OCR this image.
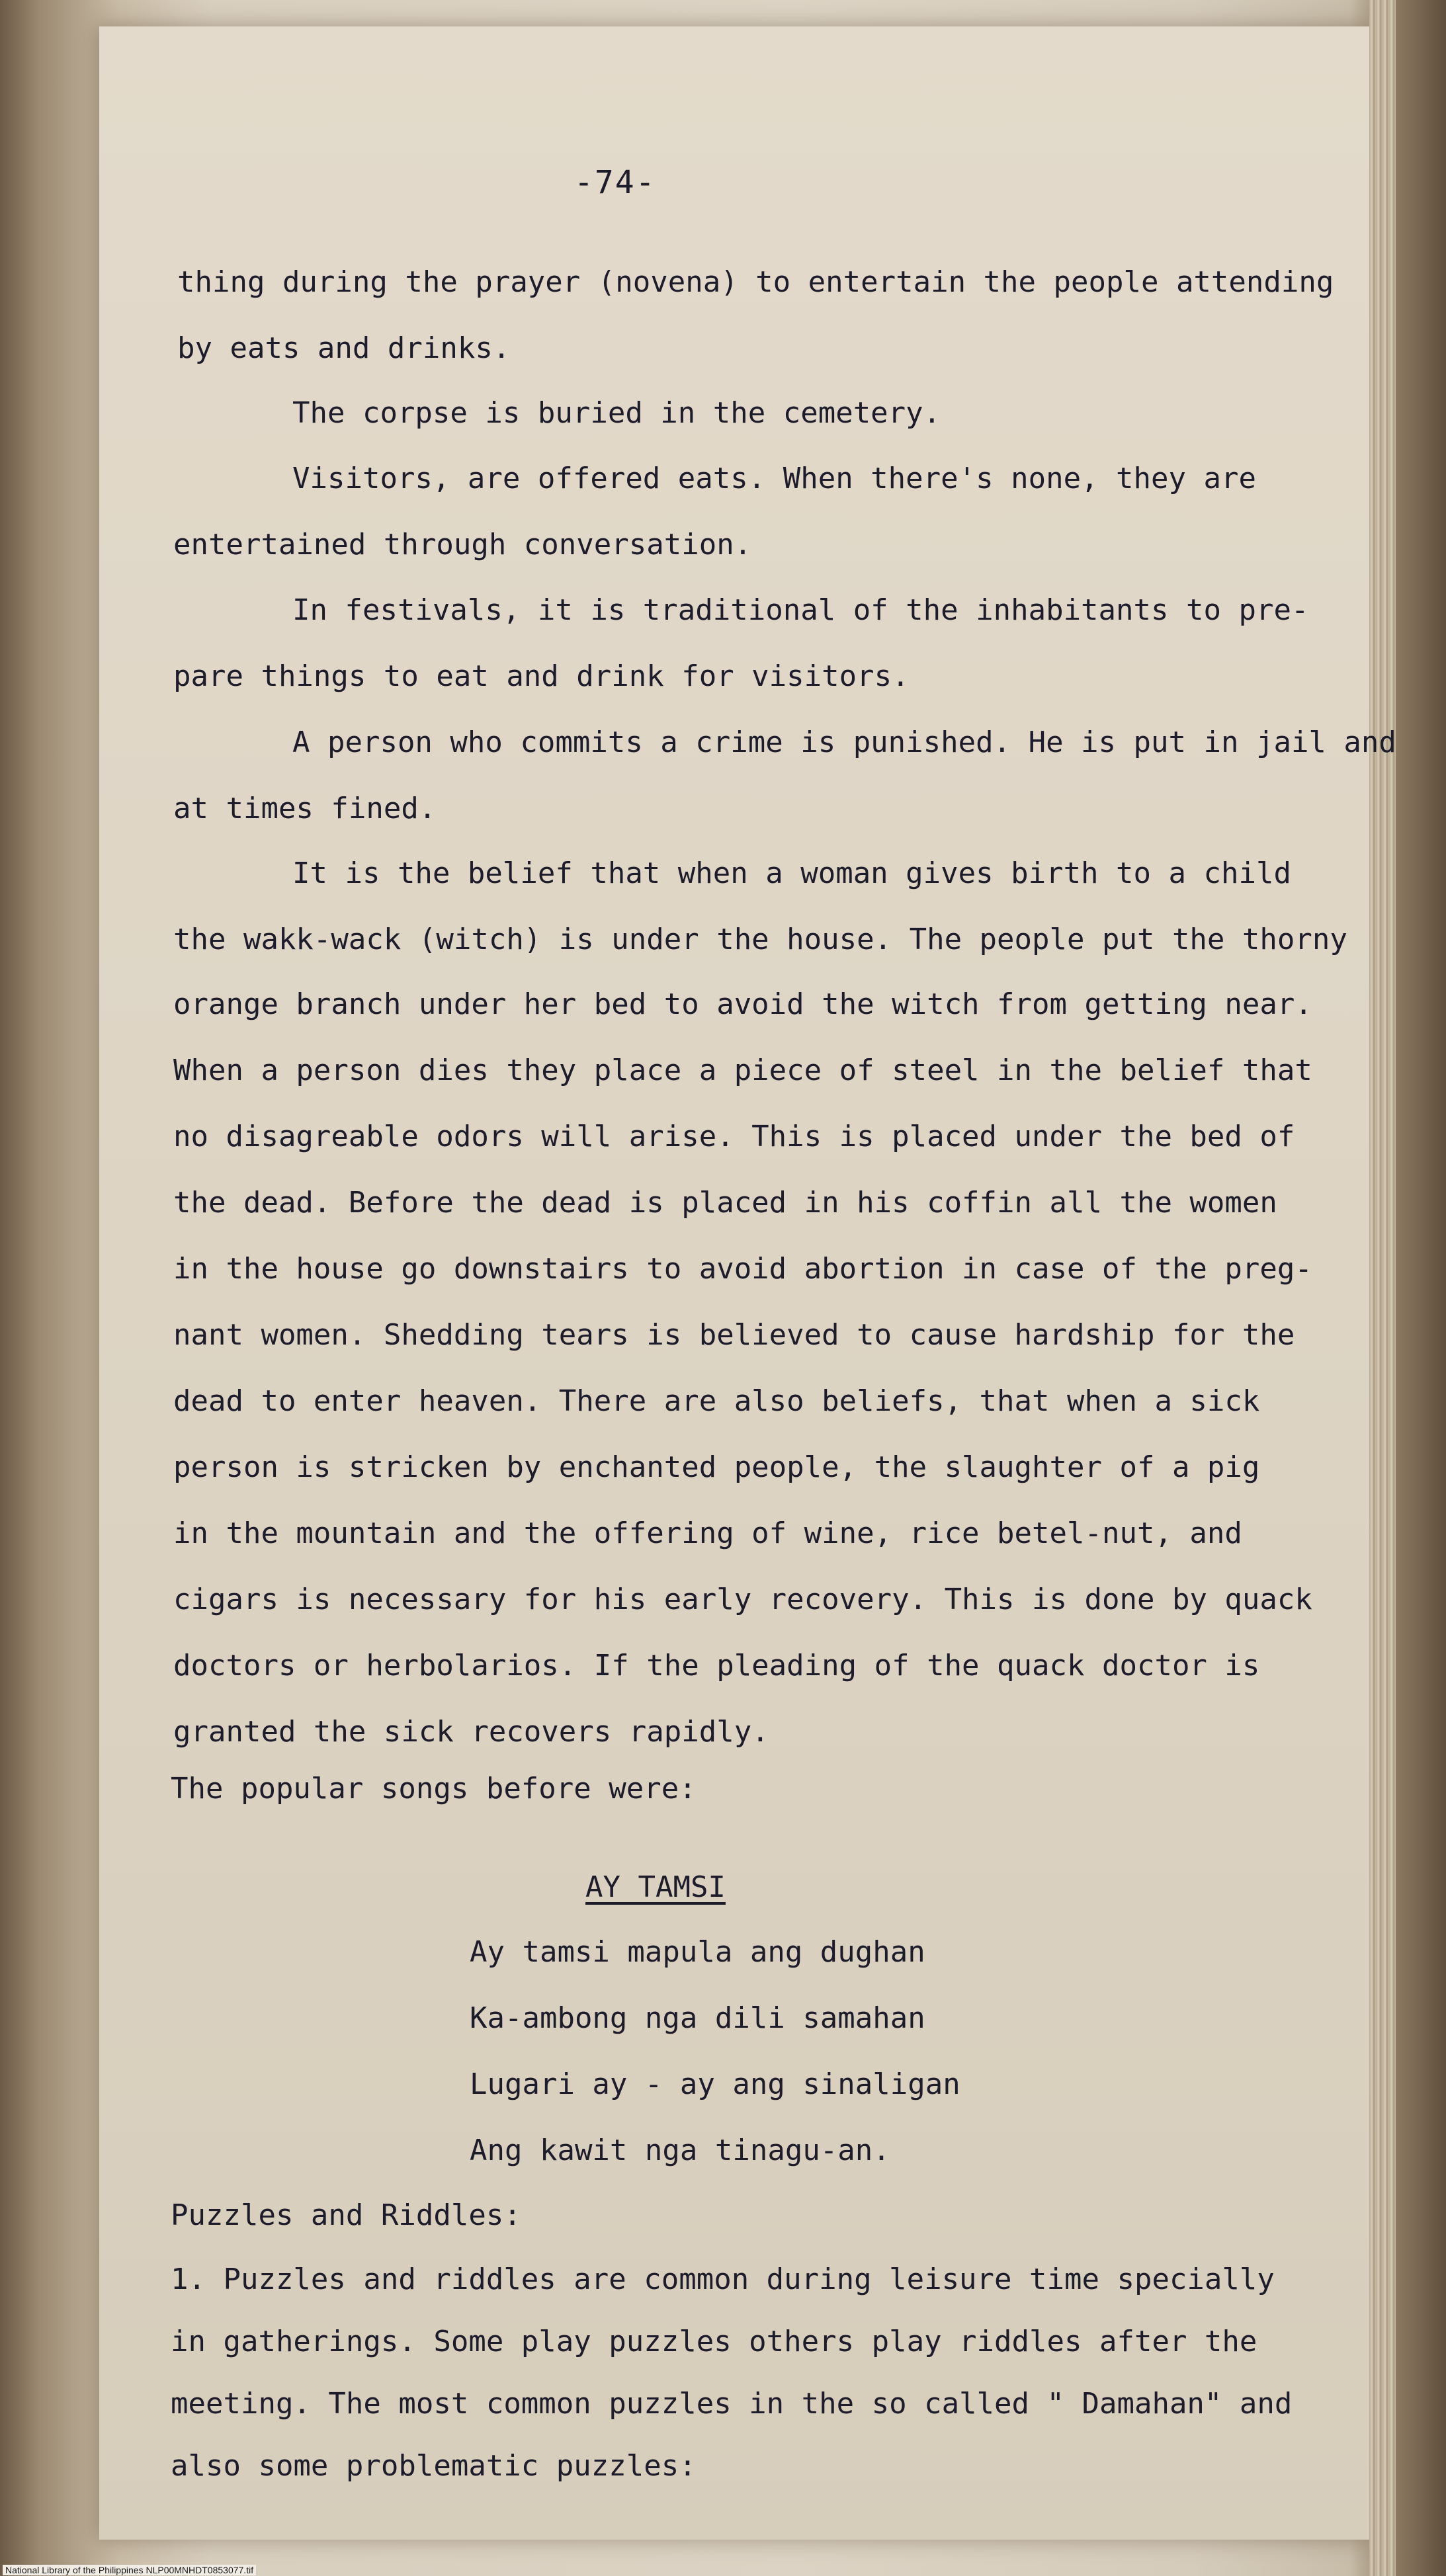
-74-
thing during the prayer (novena) to entertain the people attending
by eats and drinks.
The corpse is buried in the cemetery.
Visitors, are offered eats. When there's none, they are
entertained through conversation.
In festivals, it is traditional of the inhabitants to pre-
pare things to eat and drink for visitors.
A person who commits a crime is punished. He is put in jail and
at times fined.
It is the belief that when a woman gives birth to a child
the wakk-wack (witch) is under the house. The people put the thorny
orange branch under her bed to avoid the witch from getting near.
When a person dies they place a piece of steel in the belief that
no disagreable odors will arise. This is placed under the bed of
the dead. Before the dead is placed in his coffin all the women
in the house go downstairs to avoid abortion in case of the preg-
nant women. Shedding tears is believed to cause hardship for the
dead to enter heaven. There are also beliefs, that when a sick
person is stricken by enchanted people, the slaughter of a pig
in the mountain and the offering of wine, rice betel-nut, and
cigars is necessary for his early recovery. This is done by quack
doctors or herbolarios. If the pleading of the quack doctor is
granted the sick recovers rapidly.
The popular songs before were:
AY TAMSI
Ay tamsi mapula ang dughan
Ka-ambong nga dili samahan
Lugari ay - ay ang sinaligan
Ang kawit nga tinagu-an.
Puzzles and Riddles:
1. Puzzles and riddles are common during leisure time specially
in gatherings. Some play puzzles others play riddles after the
meeting. The most common puzzles in the so called " Damahan" and
also some problematic puzzles:
National Library of the Philippines NLP00MNHDT0853077.tif
